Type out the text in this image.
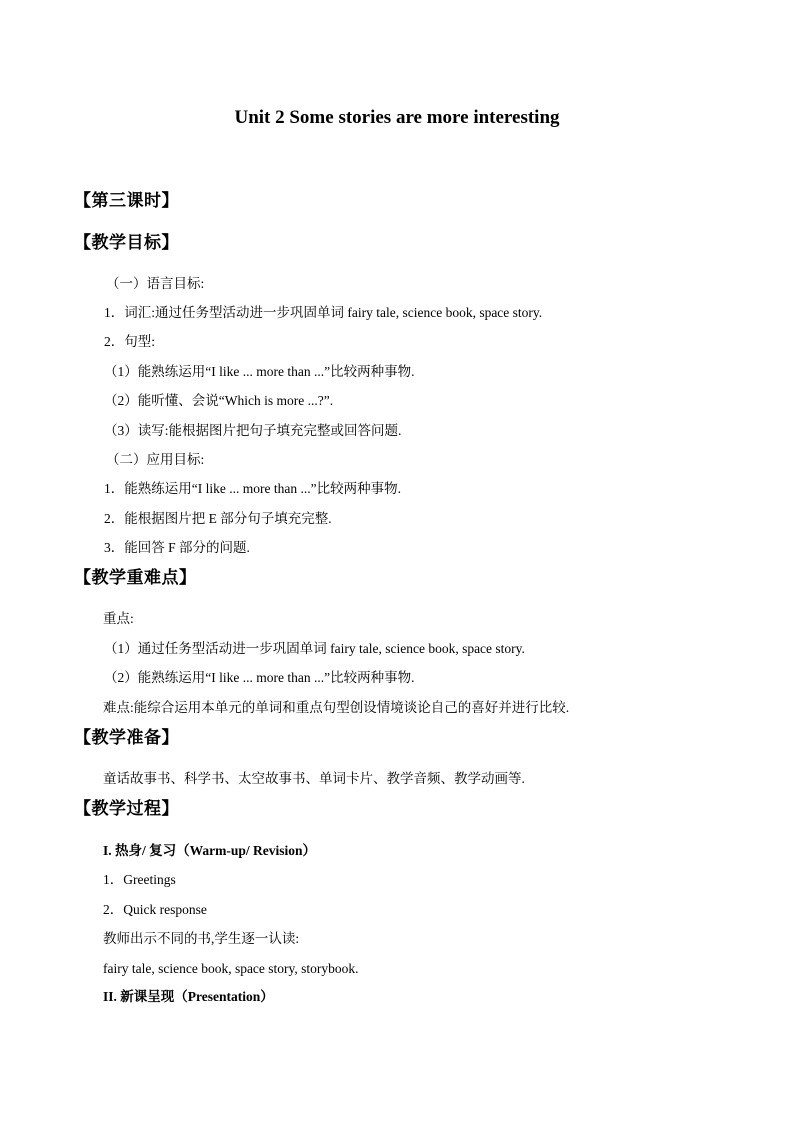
Unit 2 Some stories are more interesting
【第三课时】
【教学目标】
（一）语言目标:
1．词汇:通过任务型活动进一步巩固单词 fairy tale, science book, space story.
2．句型:
（1）能熟练运用“I like ... more than ...”比较两种事物.
（2）能听懂、会说“Which is more ...?”.
（3）读写:能根据图片把句子填充完整或回答问题.
（二）应用目标:
1．能熟练运用“I like ... more than ...”比较两种事物.
2．能根据图片把 E 部分句子填充完整.
3．能回答 F 部分的问题.
【教学重难点】
重点:
（1）通过任务型活动进一步巩固单词 fairy tale, science book, space story.
（2）能熟练运用“I like ... more than ...”比较两种事物.
难点:能综合运用本单元的单词和重点句型创设情境谈论自己的喜好并进行比较.
【教学准备】
童话故事书、科学书、太空故事书、单词卡片、教学音频、教学动画等.
【教学过程】
I. 热身/ 复习（Warm-up/ Revision）
1．Greetings
2．Quick response
教师出示不同的书,学生逐一认读:
fairy tale, science book, space story, storybook.
II. 新课呈现（Presentation）
